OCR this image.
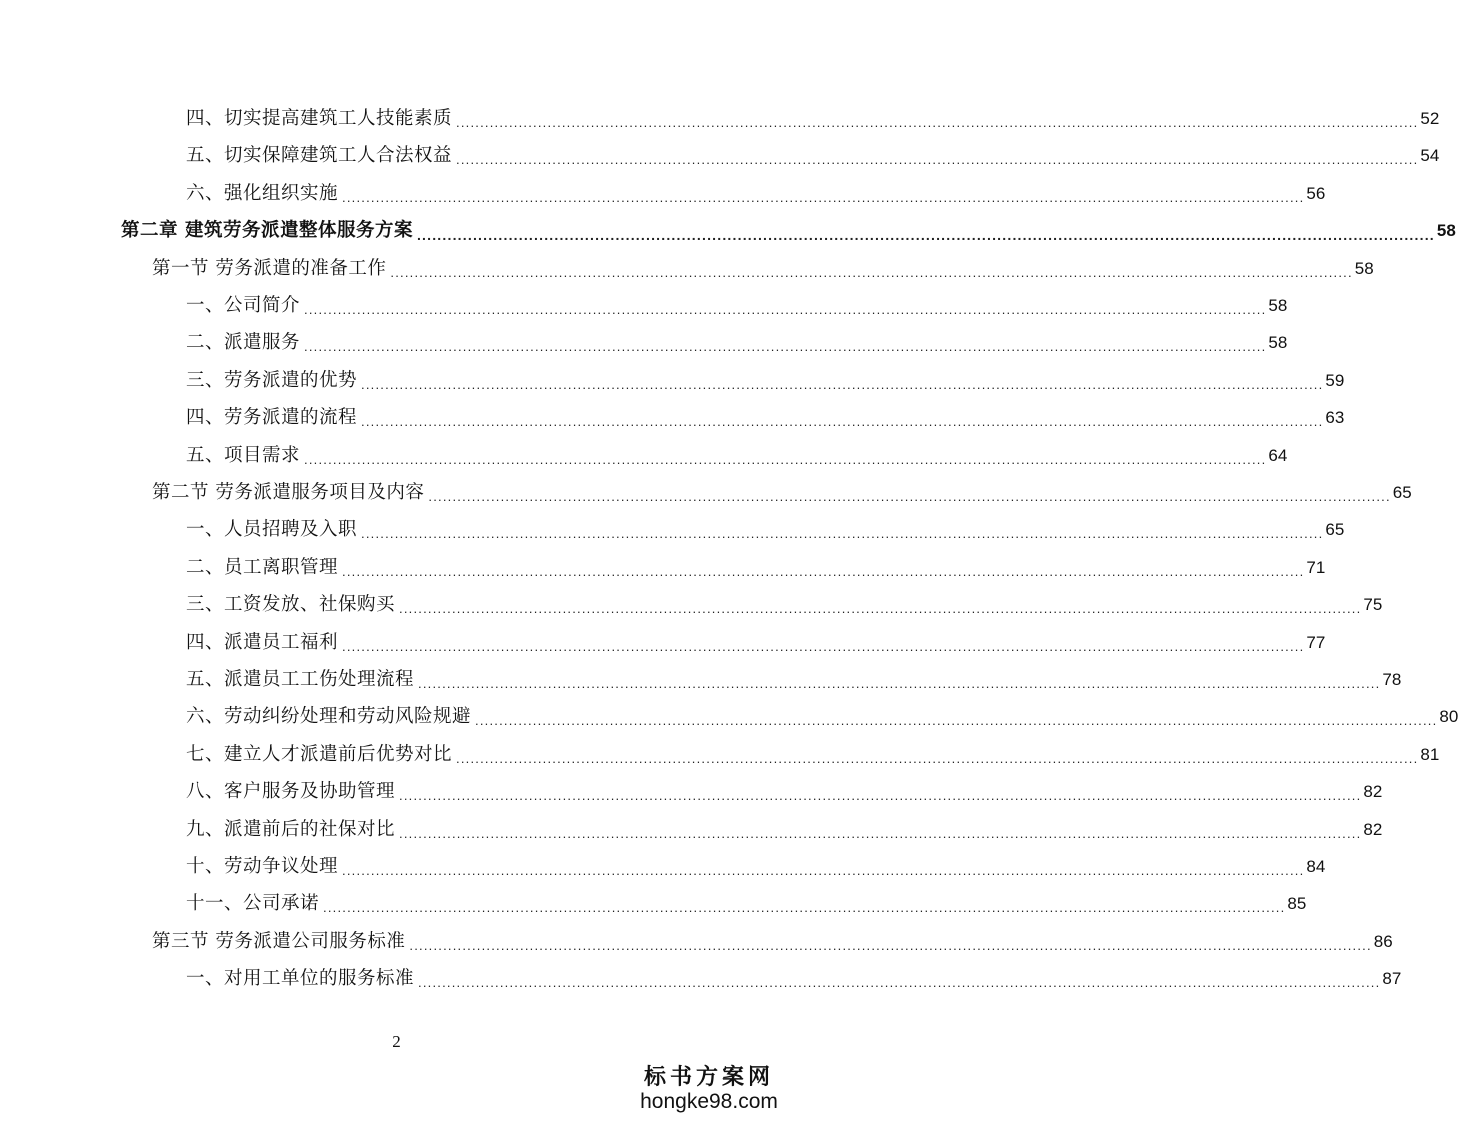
四、切实提高建筑工人技能素质 ........................................................................................................................................................................................................ 52
五、切实保障建筑工人合法权益 ........................................................................................................................................................................................................ 54
六、强化组织实施 ........................................................................................................................................................................................................ 56
第二章 建筑劳务派遣整体服务方案 ........................................................................................................................................................................................................ 58
第一节 劳务派遣的准备工作 ........................................................................................................................................................................................................ 58
一、公司简介 ........................................................................................................................................................................................................ 58
二、派遣服务 ........................................................................................................................................................................................................ 58
三、劳务派遣的优势 ........................................................................................................................................................................................................ 59
四、劳务派遣的流程 ........................................................................................................................................................................................................ 63
五、项目需求 ........................................................................................................................................................................................................ 64
第二节 劳务派遣服务项目及内容 ........................................................................................................................................................................................................ 65
一、人员招聘及入职 ........................................................................................................................................................................................................ 65
二、员工离职管理 ........................................................................................................................................................................................................ 71
三、工资发放、社保购买 ........................................................................................................................................................................................................ 75
四、派遣员工福利 ........................................................................................................................................................................................................ 77
五、派遣员工工伤处理流程 ........................................................................................................................................................................................................ 78
六、劳动纠纷处理和劳动风险规避 ........................................................................................................................................................................................................ 80
七、建立人才派遣前后优势对比 ........................................................................................................................................................................................................ 81
八、客户服务及协助管理 ........................................................................................................................................................................................................ 82
九、派遣前后的社保对比 ........................................................................................................................................................................................................ 82
十、劳动争议处理 ........................................................................................................................................................................................................ 84
十一、公司承诺 ........................................................................................................................................................................................................ 85
第三节 劳务派遣公司服务标准 ........................................................................................................................................................................................................ 86
一、对用工单位的服务标准 ........................................................................................................................................................................................................ 87
2
标书方案网
hongke98.com
